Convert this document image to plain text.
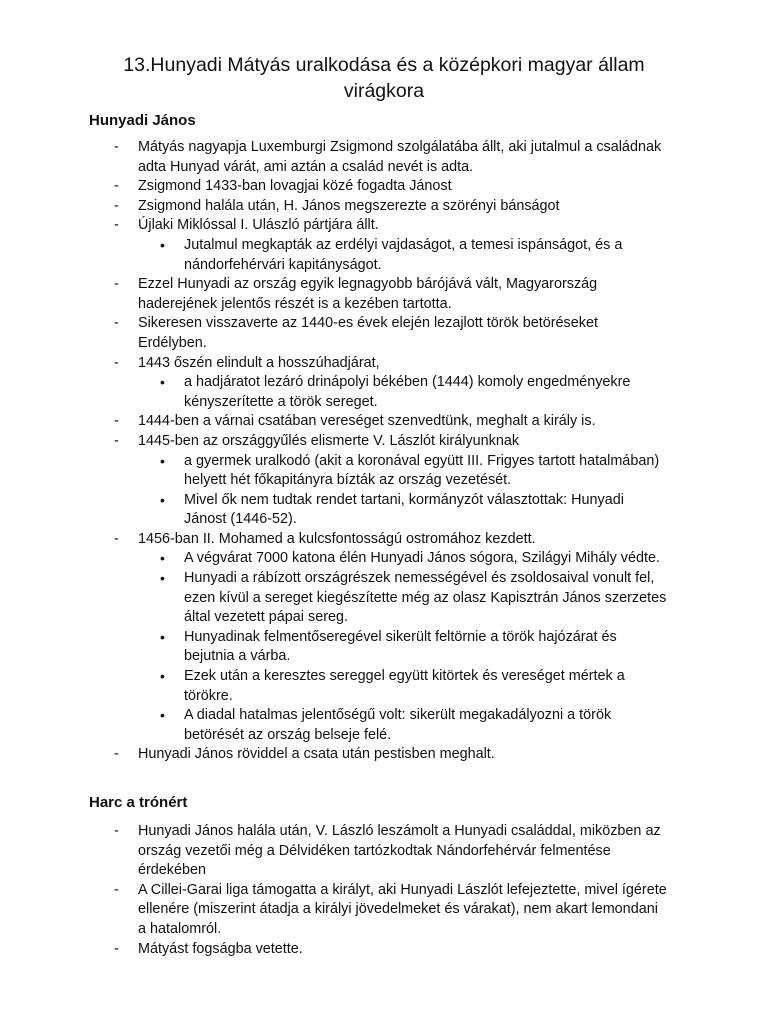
13.Hunyadi Mátyás uralkodása és a középkori magyar állam
virágkora
Hunyadi János
- Mátyás nagyapja Luxemburgi Zsigmond szolgálatába állt, aki jutalmul a családnak adta Hunyad várát, ami aztán a család nevét is adta.
- Zsigmond 1433-ban lovagjai közé fogadta Jánost
- Zsigmond halála után, H. János megszerezte a szörényi bánságot
- Újlaki Miklóssal I. Ulászló pártjára állt.
• Jutalmul megkapták az erdélyi vajdaságot, a temesi ispánságot, és a nándorfehérvári kapitányságot.
- Ezzel Hunyadi az ország egyik legnagyobb bárójává vált, Magyarország haderejének jelentős részét is a kezében tartotta.
- Sikeresen visszaverte az 1440-es évek elején lezajlott török betöréseket Erdélyben.
- 1443 őszén elindult a hosszúhadjárat,
• a hadjáratot lezáró drinápolyi békében (1444) komoly engedményekre kényszerítette a török sereget.
- 1444-ben a várnai csatában vereséget szenvedtünk, meghalt a király is.
- 1445-ben az országgyűlés elismerte V. Lászlót királyunknak
• a gyermek uralkodó (akit a koronával együtt III. Frigyes tartott hatalmában) helyett hét főkapitányra bízták az ország vezetését.
• Mivel ők nem tudtak rendet tartani, kormányzót választottak: Hunyadi Jánost (1446-52).
- 1456-ban II. Mohamed a kulcsfontosságú ostromához kezdett.
• A végvárat 7000 katona élén Hunyadi János sógora, Szilágyi Mihály védte.
• Hunyadi a rábízott országrészek nemességével és zsoldosaival vonult fel, ezen kívül a sereget kiegészítette még az olasz Kapisztrán János szerzetes által vezetett pápai sereg.
• Hunyadinak felmentőseregével sikerült feltörnie a török hajózárat és bejutnia a várba.
• Ezek után a keresztes sereggel együtt kitörtek és vereséget mértek a törökre.
• A diadal hatalmas jelentőségű volt: sikerült megakadályozni a török betörését az ország belseje felé.
- Hunyadi János röviddel a csata után pestisben meghalt.
Harc a trónért
- Hunyadi János halála után, V. László leszámolt a Hunyadi családdal, miközben az ország vezetői még a Délvidéken tartózkodtak Nándorfehérvár felmentése érdekében
- A Cillei-Garai liga támogatta a királyt, aki Hunyadi Lászlót lefejeztette, mivel ígérete ellenére (miszerint átadja a királyi jövedelmeket és várakat), nem akart lemondani a hatalomról.
- Mátyást fogságba vetette.
